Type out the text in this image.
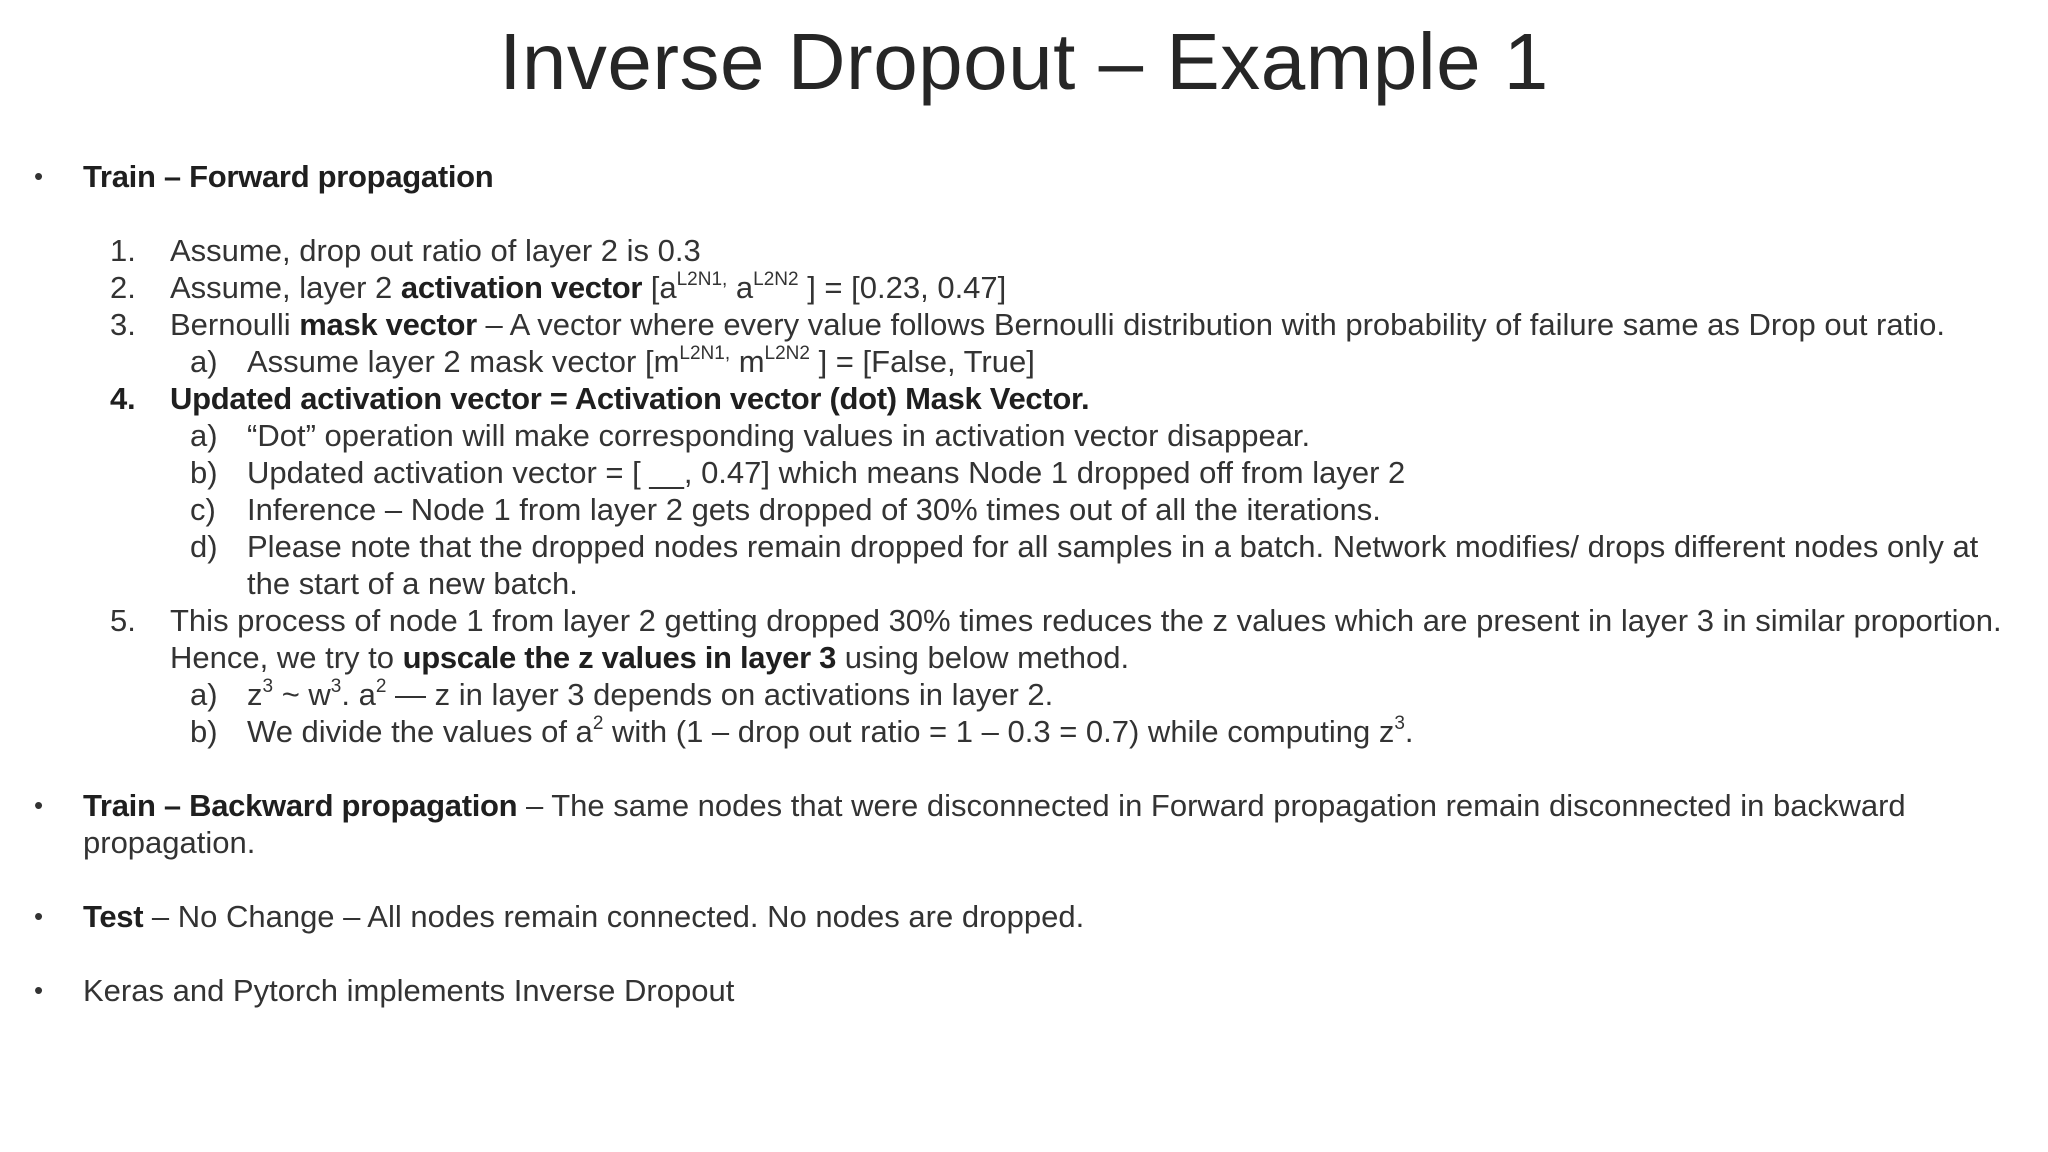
Inverse Dropout – Example 1
• Train – Forward propagation
1. Assume, drop out ratio of layer 2 is 0.3
2. Assume, layer 2 activation vector [$a^{L2N1,}$ $a^{L2N2}$ ] = [0.23, 0.47]
3. Bernoulli mask vector – A vector where every value follows Bernoulli distribution with probability of failure same as Drop out ratio.
a) Assume layer 2 mask vector [$m^{L2N1,}$ $m^{L2N2}$ ] = [False, True]
4. Updated activation vector = Activation vector (dot) Mask Vector.
a) “Dot” operation will make corresponding values in activation vector disappear.
b) Updated activation vector = [ __, 0.47] which means Node 1 dropped off from layer 2
c) Inference – Node 1 from layer 2 gets dropped of 30% times out of all the iterations.
d) Please note that the dropped nodes remain dropped for all samples in a batch. Network modifies/ drops different nodes only at the start of a new batch.
5. This process of node 1 from layer 2 getting dropped 30% times reduces the z values which are present in layer 3 in similar proportion. Hence, we try to upscale the z values in layer 3 using below method.
a) $z^3$ ~ $w^3$. $a^2$ — z in layer 3 depends on activations in layer 2.
b) We divide the values of $a^2$ with (1 – drop out ratio = 1 – 0.3 = 0.7) while computing $z^3$.
• Train – Backward propagation – The same nodes that were disconnected in Forward propagation remain disconnected in backward propagation.
• Test – No Change – All nodes remain connected. No nodes are dropped.
• Keras and Pytorch implements Inverse Dropout
